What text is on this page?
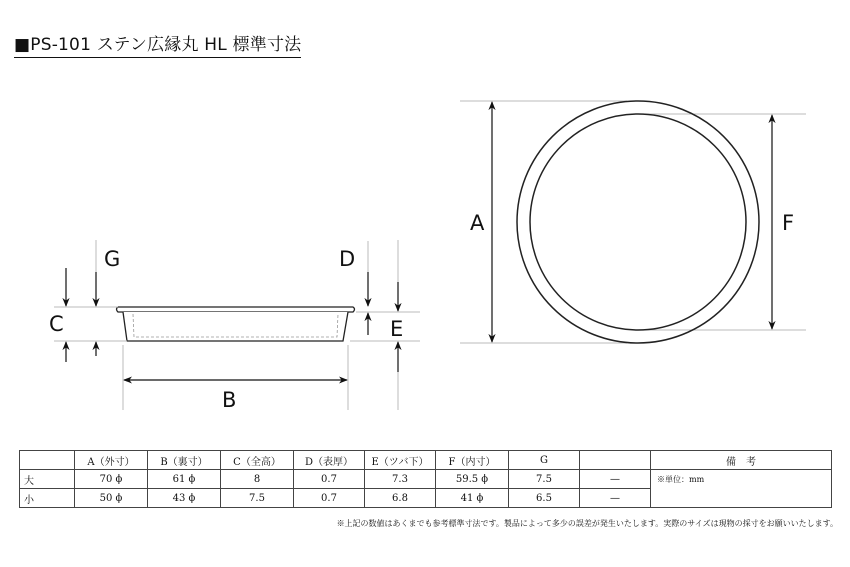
■PS-101 ステン広縁丸 HL 標準寸法
C
G
B
D
E
A	F
	A（外寸）	B（裏寸）	C（全高）	D（表厚）	E（ツバ下）	F（内寸）	G		備　考
大	70 ϕ	61 ϕ	8	0.7	7.3	59.5 ϕ	7.5	—	※単位：mm
小	50 ϕ	43 ϕ	7.5	0.7	6.8	41 ϕ	6.5	—	
※上記の数値はあくまでも参考標準寸法です。製品によって多少の誤差が発生いたします。実際のサイズは現物の採寸をお願いいたします。
